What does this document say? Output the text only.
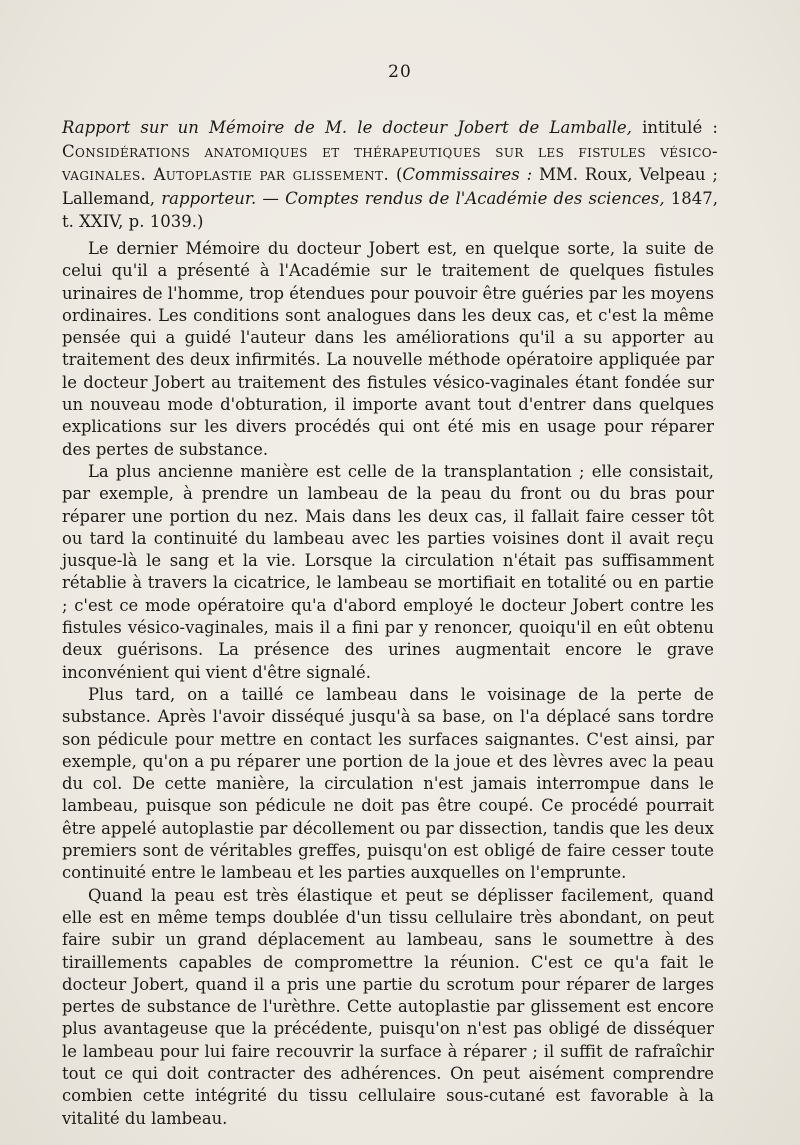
20
Rapport sur un Mémoire de M. le docteur Jobert de Lamballe, intitulé : Considérations anatomiques et thérapeutiques sur les fistules vésico-vaginales. Autoplastie par glissement. (Commissaires : MM. Roux, Velpeau ; Lallemand, rapporteur. — Comptes rendus de l'Académie des sciences, 1847, t. XXIV, p. 1039.)

Le dernier Mémoire du docteur Jobert est, en quelque sorte, la suite de celui qu'il a présenté à l'Académie sur le traitement de quelques fistules urinaires de l'homme, trop étendues pour pouvoir être guéries par les moyens ordinaires. Les conditions sont analogues dans les deux cas, et c'est la même pensée qui a guidé l'auteur dans les améliorations qu'il a su apporter au traitement des deux infirmités. La nouvelle méthode opératoire appliquée par le docteur Jobert au traitement des fistules vésico-vaginales étant fondée sur un nouveau mode d'obturation, il importe avant tout d'entrer dans quelques explications sur les divers procédés qui ont été mis en usage pour réparer des pertes de substance.

La plus ancienne manière est celle de la transplantation ; elle consistait, par exemple, à prendre un lambeau de la peau du front ou du bras pour réparer une portion du nez. Mais dans les deux cas, il fallait faire cesser tôt ou tard la continuité du lambeau avec les parties voisines dont il avait reçu jusque-là le sang et la vie. Lorsque la circulation n'était pas suffisamment rétablie à travers la cicatrice, le lambeau se mortifiait en totalité ou en partie ; c'est ce mode opératoire qu'a d'abord employé le docteur Jobert contre les fistules vésico-vaginales, mais il a fini par y renoncer, quoiqu'il en eût obtenu deux guérisons. La présence des urines augmentait encore le grave inconvénient qui vient d'être signalé.

Plus tard, on a taillé ce lambeau dans le voisinage de la perte de substance. Après l'avoir disséqué jusqu'à sa base, on l'a déplacé sans tordre son pédicule pour mettre en contact les surfaces saignantes. C'est ainsi, par exemple, qu'on a pu réparer une portion de la joue et des lèvres avec la peau du col. De cette manière, la circulation n'est jamais interrompue dans le lambeau, puisque son pédicule ne doit pas être coupé. Ce procédé pourrait être appelé autoplastie par décollement ou par dissection, tandis que les deux premiers sont de véritables greffes, puisqu'on est obligé de faire cesser toute continuité entre le lambeau et les parties auxquelles on l'emprunte.

Quand la peau est très élastique et peut se déplisser facilement, quand elle est en même temps doublée d'un tissu cellulaire très abondant, on peut faire subir un grand déplacement au lambeau, sans le soumettre à des tiraillements capables de compromettre la réunion. C'est ce qu'a fait le docteur Jobert, quand il a pris une partie du scrotum pour réparer de larges pertes de substance de l'urèthre. Cette autoplastie par glissement est encore plus avantageuse que la précédente, puisqu'on n'est pas obligé de disséquer le lambeau pour lui faire recouvrir la surface à réparer ; il suffit de rafraîchir tout ce qui doit contracter des adhérences. On peut aisément comprendre combien cette intégrité du tissu cellulaire sous-cutané est favorable à la vitalité du lambeau.
